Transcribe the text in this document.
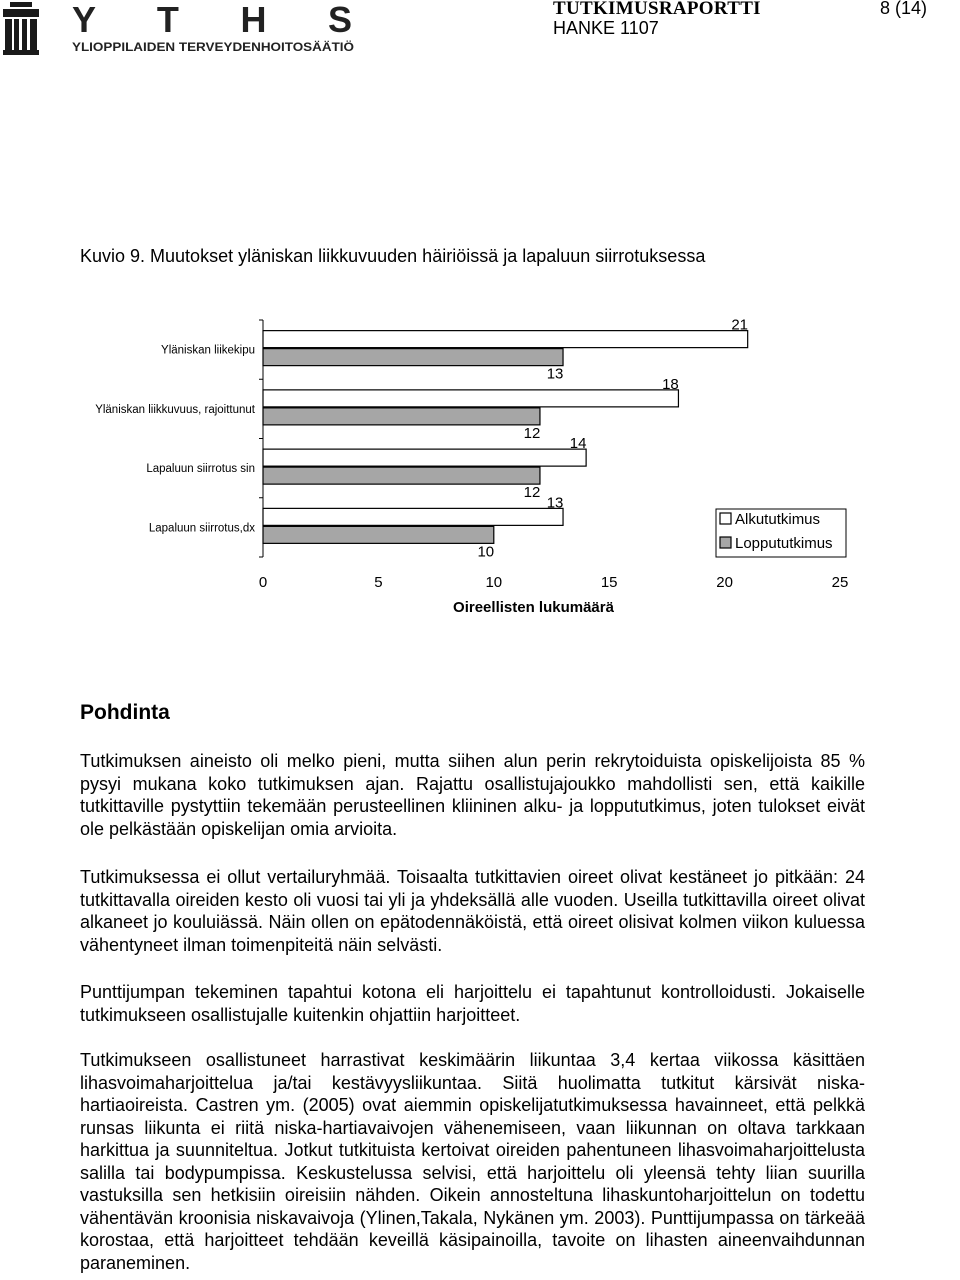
Y T H S
YLIOPPILAIDEN TERVEYDENHOITOSÄÄTIÖ
TUTKIMUSRAPORTTI
HANKE 1107
8 (14)
Kuvio 9. Muutokset yläniskan liikkuvuuden häiriöissä ja lapaluun siirrotuksessa
Yläniskan liikekipu
21
13
Yläniskan liikkuvuus, rajoittunut
18
12
Lapaluun siirrotus sin
14
12
Lapaluun siirrotus,dx
13
10
0	5	10	15	20	25
Oireellisten lukumäärä
Alkututkimus
Loppututkimus
Pohdinta

Tutkimuksen aineisto oli melko pieni, mutta siihen alun perin rekrytoiduista opiskelijoista 85 % pysyi mukana koko tutkimuksen ajan. Rajattu osallistujajoukko mahdollisti sen, että kaikille tutkittaville pystyttiin tekemään perusteellinen kliininen alku- ja loppututkimus, joten tulokset eivät ole pelkästään opiskelijan omia arvioita.

Tutkimuksessa ei ollut vertailuryhmää. Toisaalta tutkittavien oireet olivat kestäneet jo pitkään: 24 tutkittavalla oireiden kesto oli vuosi tai yli ja yhdeksällä alle vuoden. Useilla tutkittavilla oireet olivat alkaneet jo kouluiässä. Näin ollen on epätodennäköistä, että oireet olisivat kolmen viikon kuluessa vähentyneet ilman toimenpiteitä näin selvästi.

Punttijumpan tekeminen tapahtui kotona eli harjoittelu ei tapahtunut kontrolloidusti. Jokaiselle tutkimukseen osallistujalle kuitenkin ohjattiin harjoitteet.

Tutkimukseen osallistuneet harrastivat keskimäärin liikuntaa 3,4 kertaa viikossa käsittäen lihasvoimaharjoittelua ja/tai kestävyysliikuntaa. Siitä huolimatta tutkitut kärsivät niska-hartiaoireista. Castren ym. (2005) ovat aiemmin opiskelijatutkimuksessa havainneet, että pelkkä runsas liikunta ei riitä niska-hartiavaivojen vähenemiseen, vaan liikunnan on oltava tarkkaan harkittua ja suunniteltua. Jotkut tutkituista kertoivat oireiden pahentuneen lihasvoimaharjoittelusta salilla tai bodypumpissa. Keskustelussa selvisi, että harjoittelu oli yleensä tehty liian suurilla vastuksilla sen hetkisiin oireisiin nähden. Oikein annosteltuna lihaskuntoharjoittelun on todettu vähentävän kroonisia niskavaivoja (Ylinen,Takala, Nykänen ym. 2003). Punttijumpassa on tärkeää korostaa, että harjoitteet tehdään keveillä käsipainoilla, tavoite on lihasten aineenvaihdunnan paraneminen.
